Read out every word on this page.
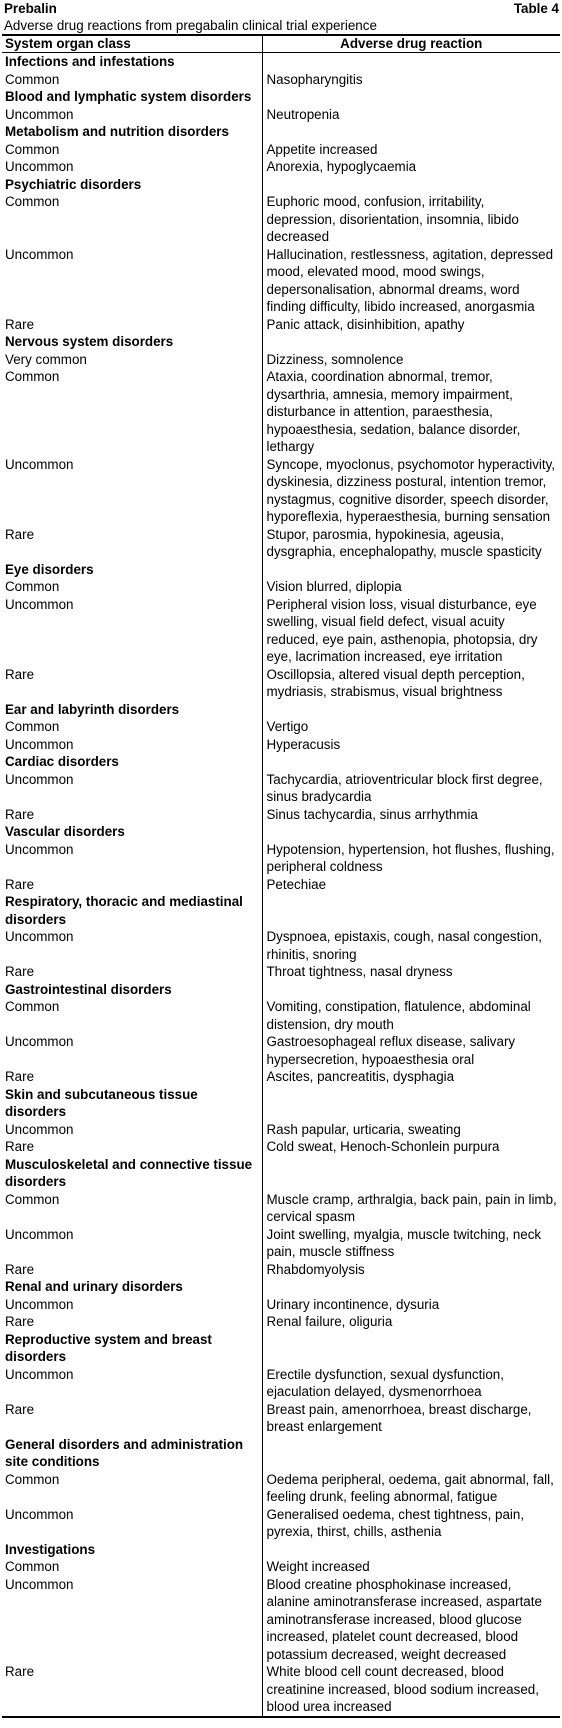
Prebalin	Table 4
Adverse drug reactions from pregabalin clinical trial experience
System organ class	Adverse drug reaction
Infections and infestations	
Common	Nasopharyngitis
Blood and lymphatic system disorders	
Uncommon	Neutropenia
Metabolism and nutrition disorders	
Common	Appetite increased
Uncommon	Anorexia, hypoglycaemia
Psychiatric disorders	
Common	Euphoric mood, confusion, irritability, depression, disorientation, insomnia, libido decreased
Uncommon	Hallucination, restlessness, agitation, depressed mood, elevated mood, mood swings, depersonalisation, abnormal dreams, word finding difficulty, libido increased, anorgasmia
Rare	Panic attack, disinhibition, apathy
Nervous system disorders	
Very common	Dizziness, somnolence
Common	Ataxia, coordination abnormal, tremor, dysarthria, amnesia, memory impairment, disturbance in attention, paraesthesia, hypoaesthesia, sedation, balance disorder, lethargy
Uncommon	Syncope, myoclonus, psychomotor hyperactivity, dyskinesia, dizziness postural, intention tremor, nystagmus, cognitive disorder, speech disorder, hyporeflexia, hyperaesthesia, burning sensation
Rare	Stupor, parosmia, hypokinesia, ageusia, dysgraphia, encephalopathy, muscle spasticity
Eye disorders	
Common	Vision blurred, diplopia
Uncommon	Peripheral vision loss, visual disturbance, eye swelling, visual field defect, visual acuity reduced, eye pain, asthenopia, photopsia, dry eye, lacrimation increased, eye irritation
Rare	Oscillopsia, altered visual depth perception, mydriasis, strabismus, visual brightness
Ear and labyrinth disorders	
Common	Vertigo
Uncommon	Hyperacusis
Cardiac disorders	
Uncommon	Tachycardia, atrioventricular block first degree, sinus bradycardia
Rare	Sinus tachycardia, sinus arrhythmia
Vascular disorders	
Uncommon	Hypotension, hypertension, hot flushes, flushing, peripheral coldness
Rare	Petechiae
Respiratory, thoracic and mediastinal disorders	
Uncommon	Dyspnoea, epistaxis, cough, nasal congestion, rhinitis, snoring
Rare	Throat tightness, nasal dryness
Gastrointestinal disorders	
Common	Vomiting, constipation, flatulence, abdominal distension, dry mouth
Uncommon	Gastroesophageal reflux disease, salivary hypersecretion, hypoaesthesia oral
Rare	Ascites, pancreatitis, dysphagia
Skin and subcutaneous tissue disorders	
Uncommon	Rash papular, urticaria, sweating
Rare	Cold sweat, Henoch-Schonlein purpura
Musculoskeletal and connective tissue disorders	
Common	Muscle cramp, arthralgia, back pain, pain in limb, cervical spasm
Uncommon	Joint swelling, myalgia, muscle twitching, neck pain, muscle stiffness
Rare	Rhabdomyolysis
Renal and urinary disorders	
Uncommon	Urinary incontinence, dysuria
Rare	Renal failure, oliguria
Reproductive system and breast disorders	
Uncommon	Erectile dysfunction, sexual dysfunction, ejaculation delayed, dysmenorrhoea
Rare	Breast pain, amenorrhoea, breast discharge, breast enlargement
General disorders and administration site conditions	
Common	Oedema peripheral, oedema, gait abnormal, fall, feeling drunk, feeling abnormal, fatigue
Uncommon	Generalised oedema, chest tightness, pain, pyrexia, thirst, chills, asthenia
Investigations	
Common	Weight increased
Uncommon	Blood creatine phosphokinase increased, alanine aminotransferase increased, aspartate aminotransferase increased, blood glucose increased, platelet count decreased, blood potassium decreased, weight decreased
Rare	White blood cell count decreased, blood creatinine increased, blood sodium increased, blood urea increased
